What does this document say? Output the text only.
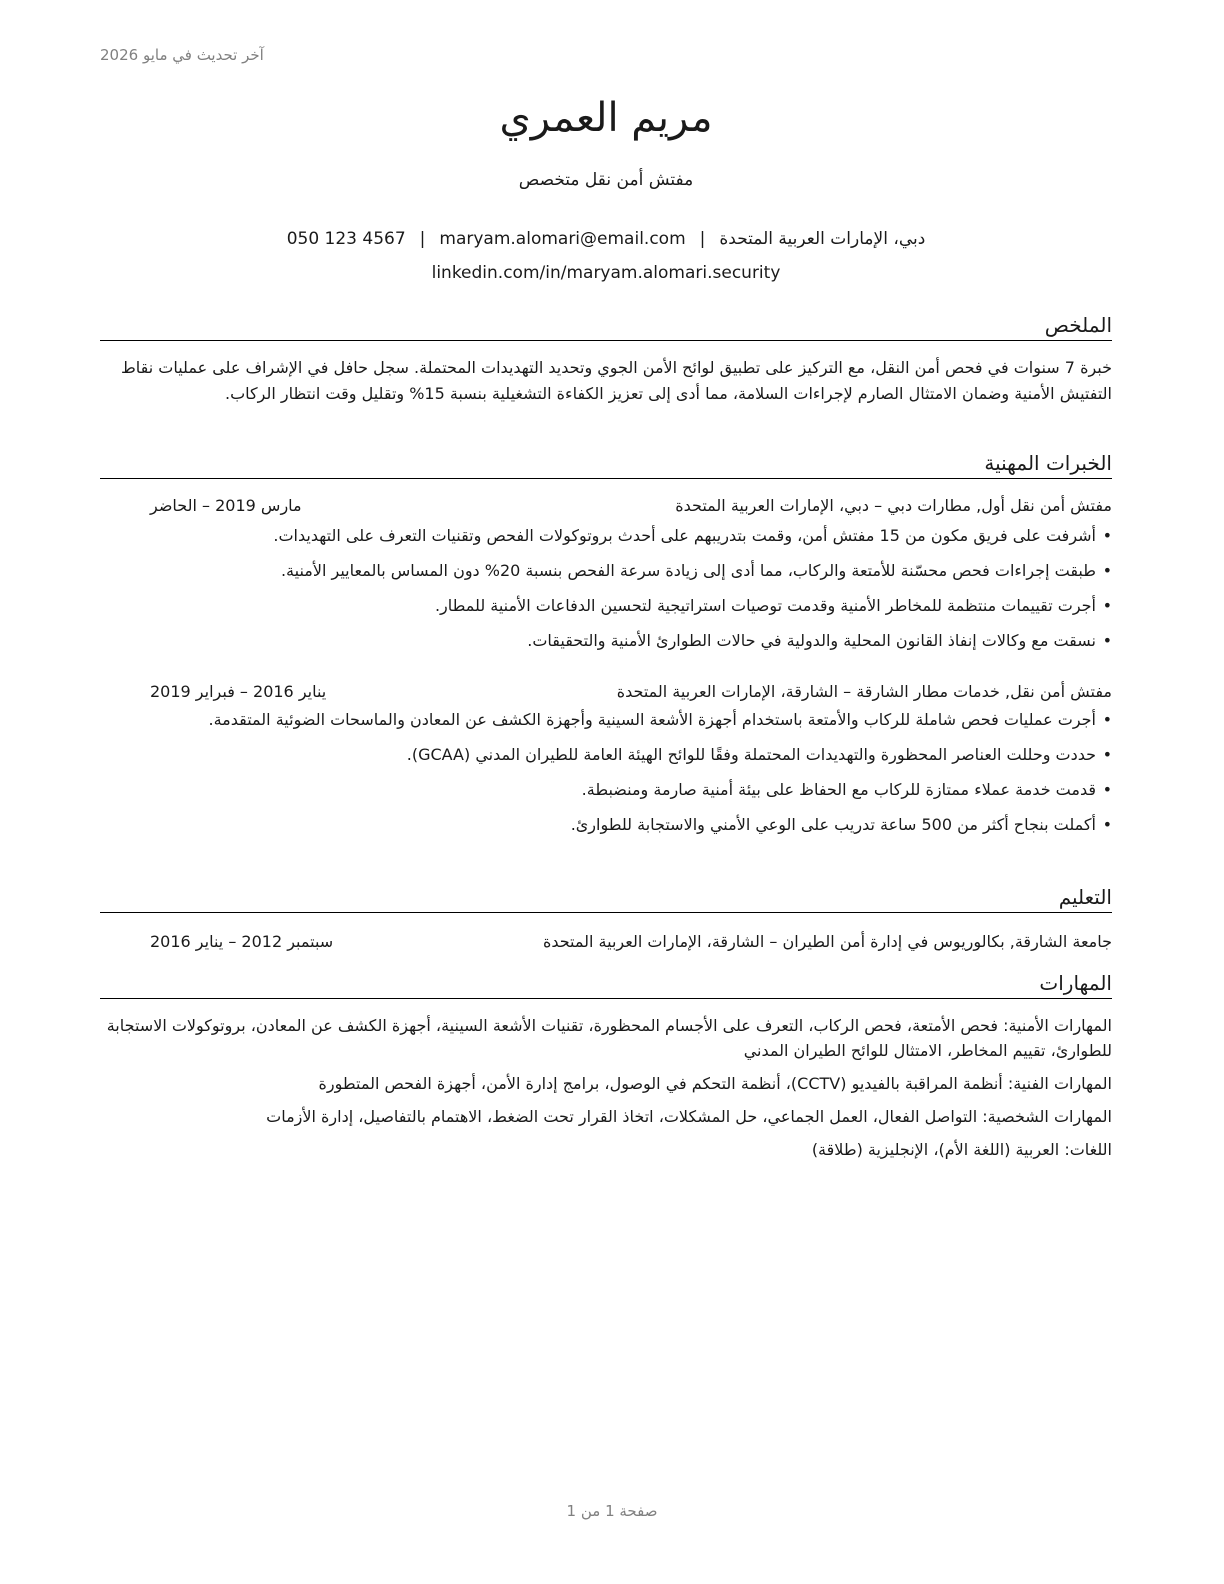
آخر تحديث في مايو 2026
مريم العمري
مفتش أمن نقل متخصص
دبي، الإمارات العربية المتحدة|maryam.alomari@email.com|050 123 4567
linkedin.com/in/maryam.alomari.security
الملخص

خبرة 7 سنوات في فحص أمن النقل، مع التركيز على تطبيق لوائح الأمن الجوي وتحديد التهديدات المحتملة. سجل حافل في الإشراف على عمليات نقاط التفتيش الأمنية وضمان الامتثال الصارم لإجراءات السلامة، مما أدى إلى تعزيز الكفاءة التشغيلية بنسبة 15% وتقليل وقت انتظار الركاب.

الخبرات المهنية
مفتش أمن نقل أول, مطارات دبي – دبي، الإمارات العربية المتحدة
مارس 2019 – الحاضر
• أشرفت على فريق مكون من 15 مفتش أمن، وقمت بتدريبهم على أحدث بروتوكولات الفحص وتقنيات التعرف على التهديدات.
• طبقت إجراءات فحص محسّنة للأمتعة والركاب، مما أدى إلى زيادة سرعة الفحص بنسبة 20% دون المساس بالمعايير الأمنية.
• أجرت تقييمات منتظمة للمخاطر الأمنية وقدمت توصيات استراتيجية لتحسين الدفاعات الأمنية للمطار.
• نسقت مع وكالات إنفاذ القانون المحلية والدولية في حالات الطوارئ الأمنية والتحقيقات.
مفتش أمن نقل, خدمات مطار الشارقة – الشارقة، الإمارات العربية المتحدة
يناير 2016 – فبراير 2019
• أجرت عمليات فحص شاملة للركاب والأمتعة باستخدام أجهزة الأشعة السينية وأجهزة الكشف عن المعادن والماسحات الضوئية المتقدمة.
• حددت وحللت العناصر المحظورة والتهديدات المحتملة وفقًا للوائح الهيئة العامة للطيران المدني (GCAA).
• قدمت خدمة عملاء ممتازة للركاب مع الحفاظ على بيئة أمنية صارمة ومنضبطة.
• أكملت بنجاح أكثر من 500 ساعة تدريب على الوعي الأمني والاستجابة للطوارئ.
التعليم
جامعة الشارقة, بكالوريوس في إدارة أمن الطيران – الشارقة، الإمارات العربية المتحدة
سبتمبر 2012 – يناير 2016
المهارات

المهارات الأمنية: فحص الأمتعة، فحص الركاب، التعرف على الأجسام المحظورة، تقنيات الأشعة السينية، أجهزة الكشف عن المعادن، بروتوكولات الاستجابة للطوارئ، تقييم المخاطر، الامتثال للوائح الطيران المدني

المهارات الفنية: أنظمة المراقبة بالفيديو (CCTV)، أنظمة التحكم في الوصول، برامج إدارة الأمن، أجهزة الفحص المتطورة

المهارات الشخصية: التواصل الفعال، العمل الجماعي، حل المشكلات، اتخاذ القرار تحت الضغط، الاهتمام بالتفاصيل، إدارة الأزمات

اللغات: العربية (اللغة الأم)، الإنجليزية (طلاقة)

صفحة 1 من 1
